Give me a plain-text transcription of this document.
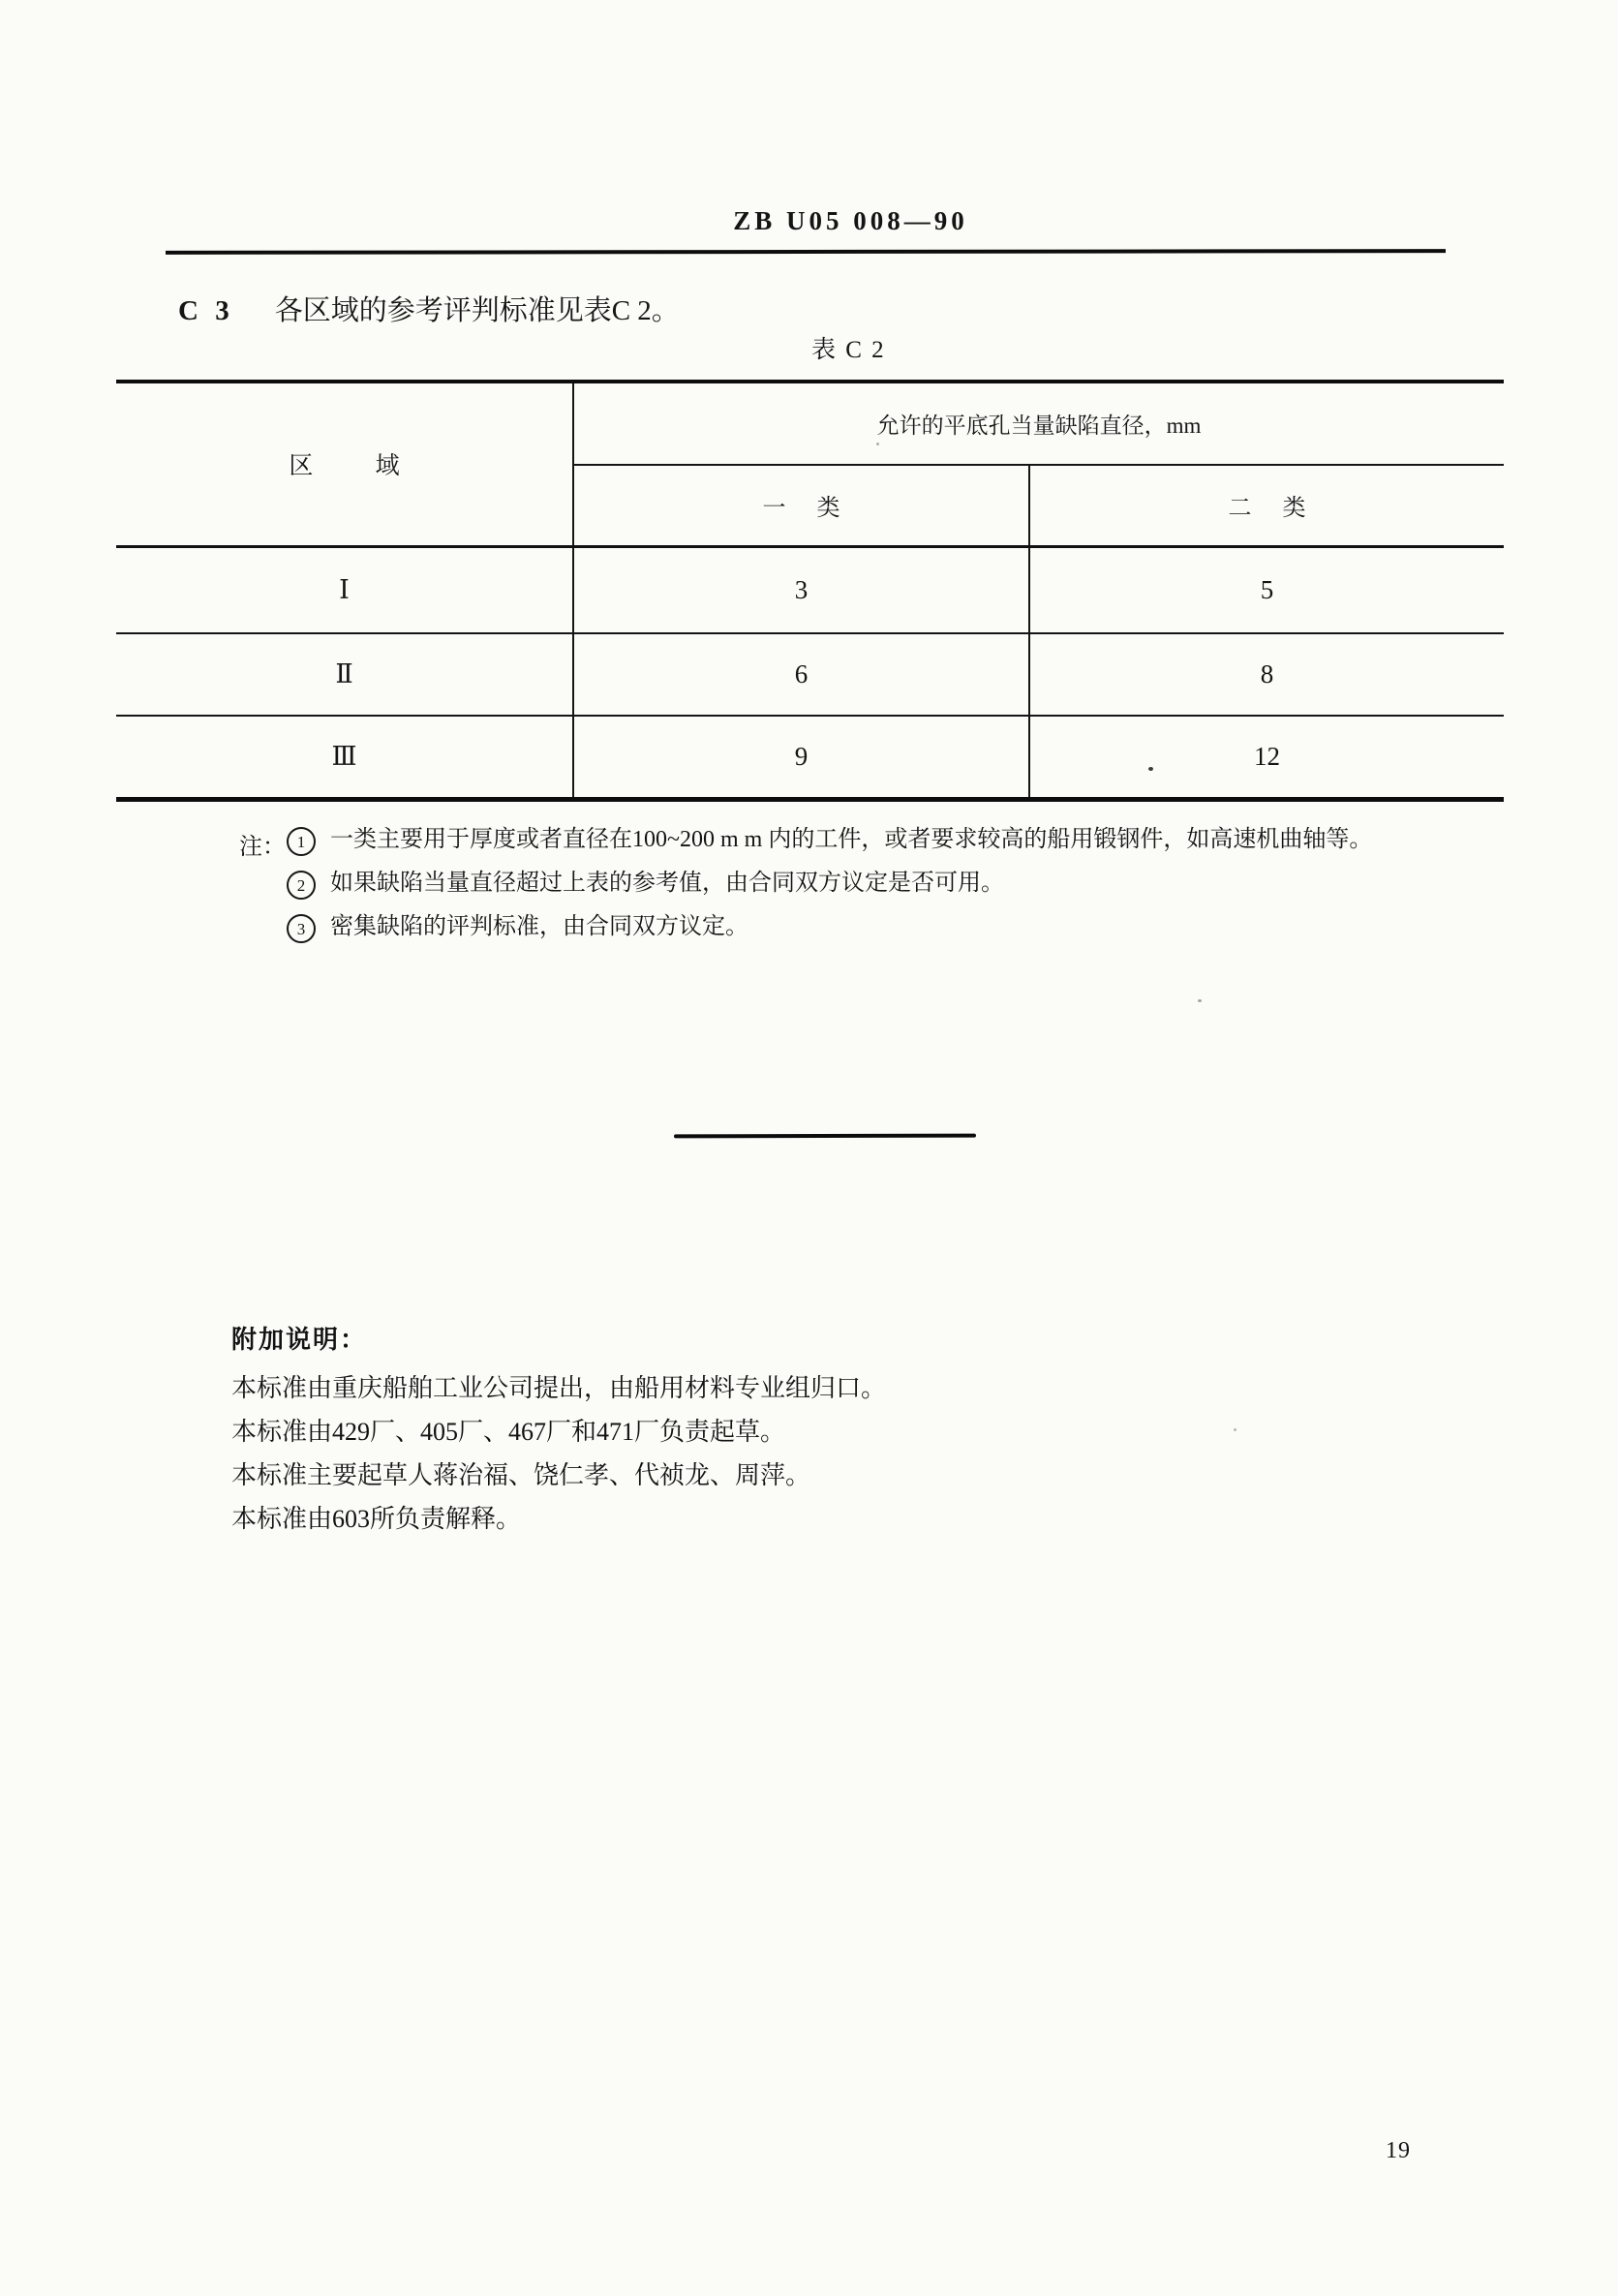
ZB U05 008—90
C 3 各区域的参考评判标准见表C 2。
表 C 2
区 域	允许的平底孔当量缺陷直径，mm	
	一 类	二 类
Ⅰ	3	5
Ⅱ	6	8
Ⅲ	9	12
注： 1	一类主要用于厚度或者直径在100~200 m m 内的工件，或者要求较高的船用锻钢件，如高速机曲轴等。
2	如果缺陷当量直径超过上表的参考值，由合同双方议定是否可用。
3	密集缺陷的评判标准，由合同双方议定。
附加说明：
本标准由重庆船舶工业公司提出，由船用材料专业组归口。
本标准由429厂、405厂、467厂和471厂负责起草。
本标准主要起草人蒋治福、饶仁孝、代祯龙、周萍。
本标准由603所负责解释。
19
